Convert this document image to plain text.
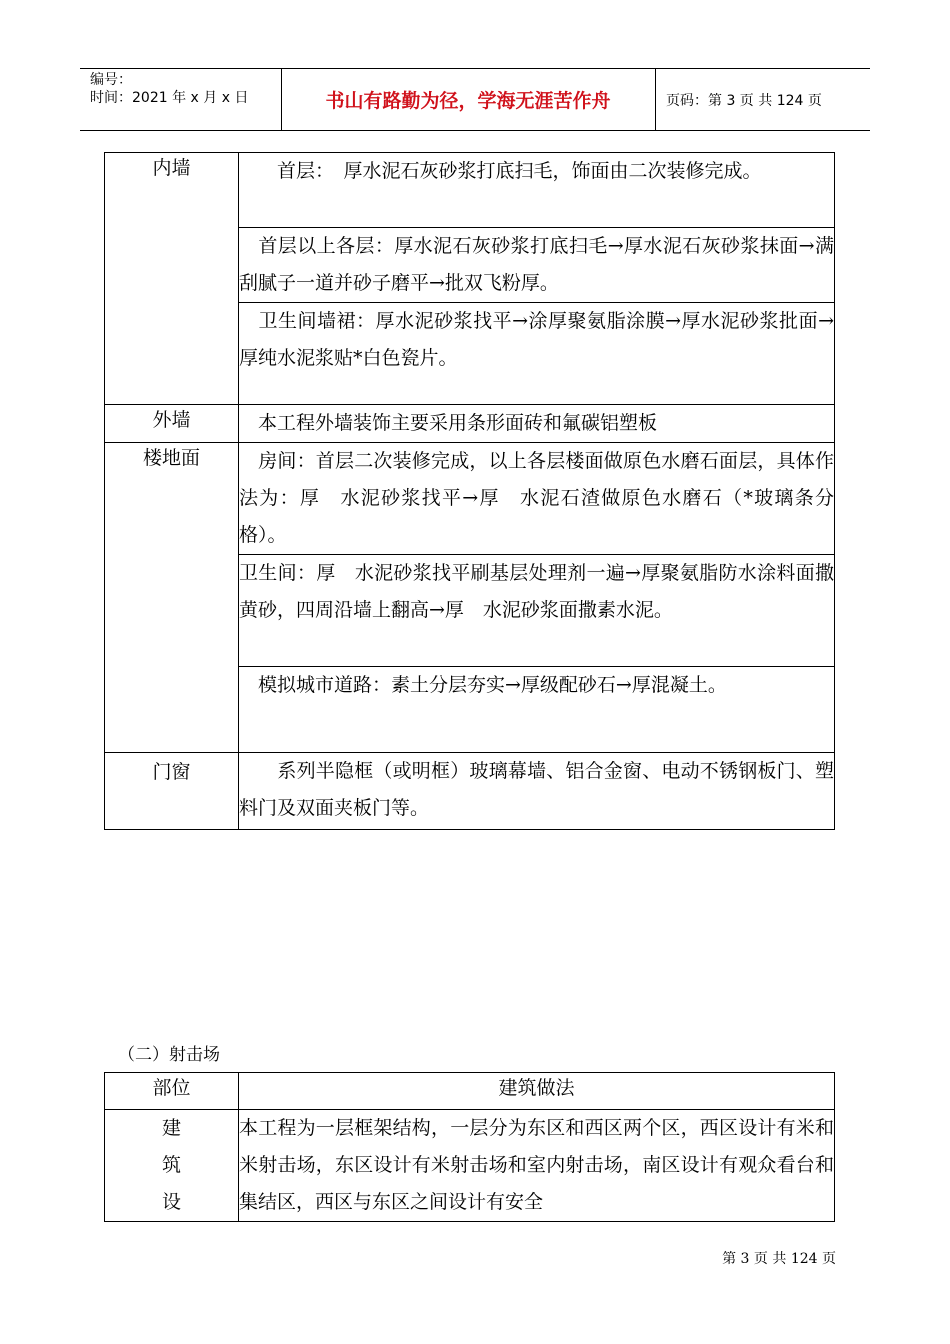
编号：
时间：2021 年 x 月 x 日	书山有路勤为径，学海无涯苦作舟	页码：第 3 页 共 124 页
内墙	　　首层：　厚水泥石灰砂浆打底扫毛，饰面由二次装修完成。

	　首层以上各层：厚水泥石灰砂浆打底扫毛→厚水泥石灰砂浆抹面→满刮腻子一道并砂子磨平→批双飞粉厚。

	　卫生间墙裙：厚水泥砂浆找平→涂厚聚氨脂涂膜→厚水泥砂浆批面→厚纯水泥浆贴*白色瓷片。

外墙	　本工程外墙装饰主要采用条形面砖和氟碳铝塑板

楼地面	　房间：首层二次装修完成，以上各层楼面做原色水磨石面层，具体作法为：厚　水泥砂浆找平→厚　水泥石渣做原色水磨石（*玻璃条分格）。

	卫生间：厚　水泥砂浆找平刷基层处理剂一遍→厚聚氨脂防水涂料面撒黄砂，四周沿墙上翻高→厚　水泥砂浆面撒素水泥。

	　模拟城市道路：素土分层夯实→厚级配砂石→厚混凝土。

门窗	　　系列半隐框（或明框）玻璃幕墙、铝合金窗、电动不锈钢板门、塑料门及双面夹板门等。
（二）射击场
部位	建筑做法

建
筑
设	本工程为一层框架结构，一层分为东区和西区两个区，西区设计有米和米射击场，东区设计有米射击场和室内射击场，南区设计有观众看台和集结区，西区与东区之间设计有安全
第 3 页 共 124 页
